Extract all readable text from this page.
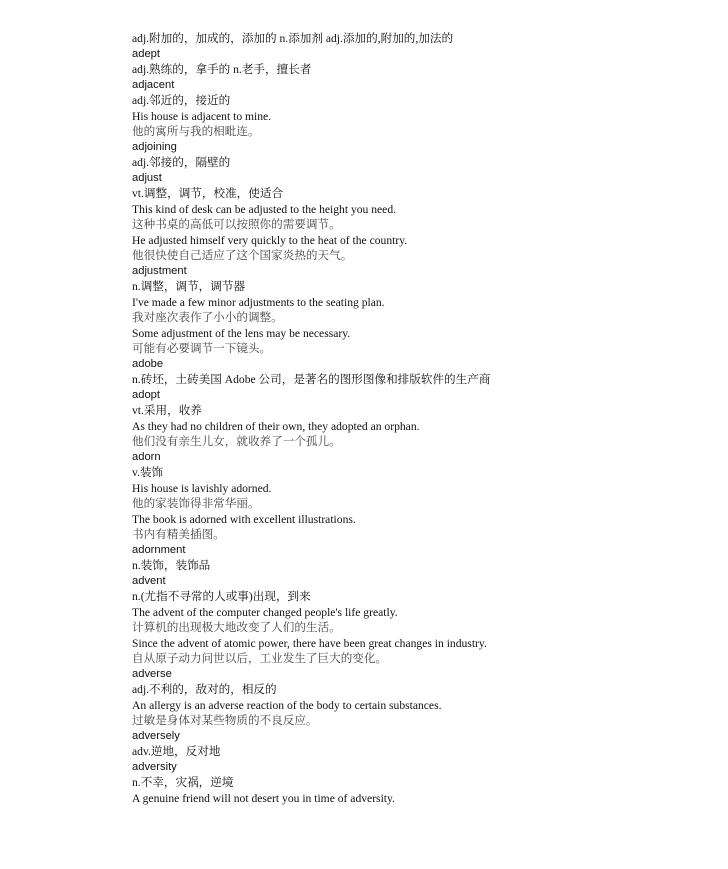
adj.附加的，加成的，添加的 n.添加剂 adj.添加的,附加的,加法的
adept
adj.熟练的，拿手的 n.老手，擅长者
adjacent
adj.邻近的，接近的
His house is adjacent to mine.
他的寓所与我的相毗连。
adjoining
adj.邻接的，隔壁的
adjust
vt.调整，调节，校准，使适合
This kind of desk can be adjusted to the height you need.
这种书桌的高低可以按照你的需要调节。
He adjusted himself very quickly to the heat of the country.
他很快使自己适应了这个国家炎热的天气。
adjustment
n.调整，调节，调节器
I've made a few minor adjustments to the seating plan.
我对座次表作了小小的调整。
Some adjustment of the lens may be necessary.
可能有必要调节一下镜头。
adobe
n.砖坯，土砖美国 Adobe 公司，是著名的图形图像和排版软件的生产商
adopt
vt.采用，收养
As they had no children of their own, they adopted an orphan.
他们没有亲生儿女，就收养了一个孤儿。
adorn
v.装饰
His house is lavishly adorned.
他的家装饰得非常华丽。
The book is adorned with excellent illustrations.
书内有精美插图。
adornment
n.装饰，装饰品
advent
n.(尤指不寻常的人或事)出现，到来
The advent of the computer changed people's life greatly.
计算机的出现极大地改变了人们的生活。
Since the advent of atomic power, there have been great changes in industry.
自从原子动力问世以后，工业发生了巨大的变化。
adverse
adj.不利的，敌对的，相反的
An allergy is an adverse reaction of the body to certain substances.
过敏是身体对某些物质的不良反应。
adversely
adv.逆地，反对地
adversity
n.不幸，灾祸，逆境
A genuine friend will not desert you in time of adversity.
